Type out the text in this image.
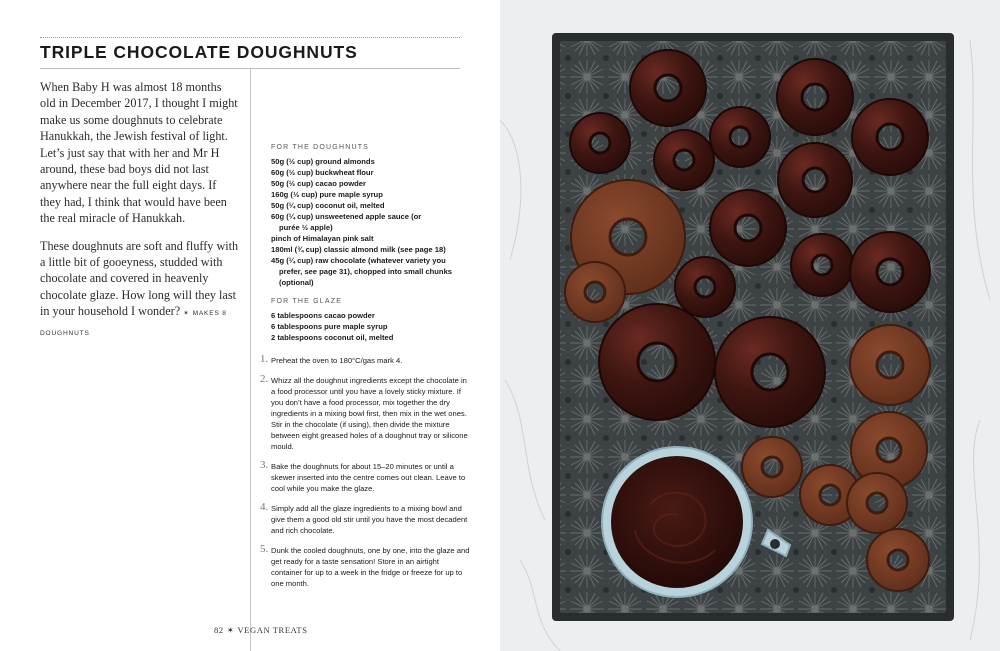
TRIPLE CHOCOLATE DOUGHNUTS

When Baby H was almost 18 months old in December 2017, I thought I might make us some doughnuts to celebrate Hanukkah, the Jewish festival of light. Let’s just say that with her and Mr H around, these bad boys did not last anywhere near the full eight days. If they had, I think that would have been the real miracle of Hanukkah.

These doughnuts are soft and fluffy with a little bit of gooeyness, studded with chocolate and covered in heavenly chocolate glaze. How long will they last in your household I wonder? ✶ MAKES 8 DOUGHNUTS

FOR THE DOUGHNUTS
50g (½ cup) ground almonds
60g (½ cup) buckwheat flour
50g (½ cup) cacao powder
160g (½ cup) pure maple syrup
50g (¼ cup) coconut oil, melted
60g (¼ cup) unsweetened apple sauce (or
purée ½ apple)
pinch of Himalayan pink salt
180ml (¾ cup) classic almond milk (see page 18)
45g (¼ cup) raw chocolate (whatever variety you
prefer, see page 31), chopped into small chunks
(optional)
FOR THE GLAZE
6 tablespoons cacao powder
6 tablespoons pure maple syrup
2 tablespoons coconut oil, melted
1. Preheat the oven to 180°C/gas mark 4.
2. Whizz all the doughnut ingredients except the chocolate in a food processor until you have a lovely sticky mixture. If you don’t have a food processor, mix together the dry ingredients in a mixing bowl first, then mix in the wet ones. Stir in the chocolate (if using), then divide the mixture between eight greased holes of a doughnut tray or silicone mould.
3. Bake the doughnuts for about 15–20 minutes or until a skewer inserted into the centre comes out clean. Leave to cool while you make the glaze.
4. Simply add all the glaze ingredients to a mixing bowl and give them a good old stir until you have the most decadent and rich chocolate.
5. Dunk the cooled doughnuts, one by one, into the glaze and get ready for a taste sensation! Store in an airtight container for up to a week in the fridge or freeze for up to one month.
82 ✶ VEGAN TREATS
